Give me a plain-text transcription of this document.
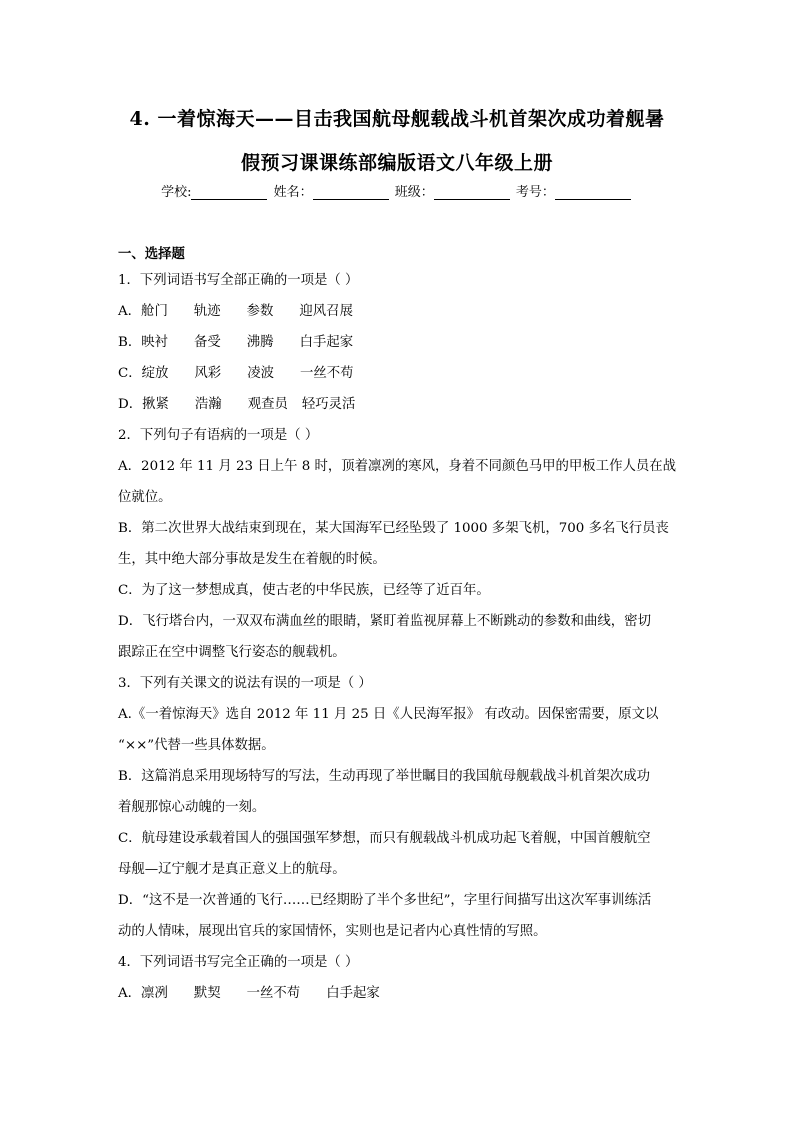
4. 一着惊海天——目击我国航母舰载战斗机首架次成功着舰暑
假预习课课练部编版语文八年级上册
学校:	姓名：	班级：	考号：
一、选择题
1．下列词语书写全部正确的一项是（ ）
A．舱门 轨迹 参数 迎风召展
B．映衬 备受 沸腾 白手起家
C．绽放 风彩 凌波 一丝不苟
D．揪紧 浩瀚 观查员 轻巧灵活
2．下列句子有语病的一项是（ ）
A．2012 年 11 月 23 日上午 8 时，顶着凛冽的寒风，身着不同颜色马甲的甲板工作人员在战
位就位。
B．第二次世界大战结束到现在，某大国海军已经坠毁了 1000 多架飞机，700 多名飞行员丧
生，其中绝大部分事故是发生在着舰的时候。
C．为了这一梦想成真，使古老的中华民族，已经等了近百年。
D．飞行塔台内，一双双布满血丝的眼睛，紧盯着监视屏幕上不断跳动的参数和曲线，密切
跟踪正在空中调整飞行姿态的舰载机。
3．下列有关课文的说法有误的一项是（ ）
A.《一着惊海天》选自 2012 年 11 月 25 日《人民海军报》 有改动。因保密需要，原文以
“××”代替一些具体数据。
B．这篇消息采用现场特写的写法，生动再现了举世瞩目的我国航母舰载战斗机首架次成功
着舰那惊心动魄的一刻。
C．航母建设承载着国人的强国强军梦想，而只有舰载战斗机成功起飞着舰，中国首艘航空
母舰—辽宁舰才是真正意义上的航母。
D．“这不是一次普通的飞行……已经期盼了半个多世纪”，字里行间描写出这次军事训练活
动的人情味，展现出官兵的家国情怀，实则也是记者内心真性情的写照。
4．下列词语书写完全正确的一项是（ ）
A．凛冽 默契 一丝不苟 白手起家
